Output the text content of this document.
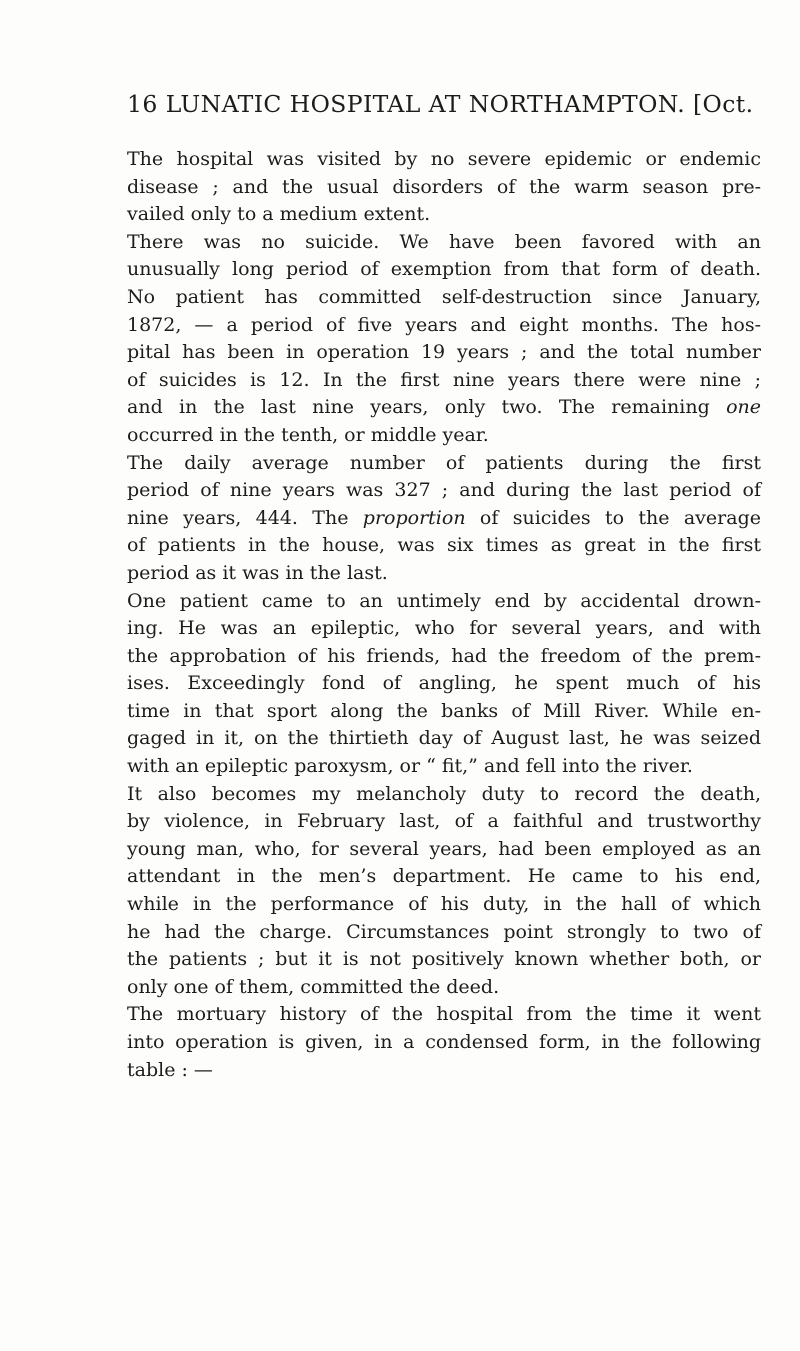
16 LUNATIC HOSPITAL AT NORTHAMPTON. [Oct.

The hospital was visited by no severe epidemic or endemic
disease ; and the usual disorders of the warm season pre-
vailed only to a medium extent.

There was no suicide. We have been favored with an
unusually long period of exemption from that form of death.
No patient has committed self-destruction since January,
1872, — a period of five years and eight months. The hos-
pital has been in operation 19 years ; and the total number
of suicides is 12. In the first nine years there were nine ;
and in the last nine years, only two. The remaining one
occurred in the tenth, or middle year.

The daily average number of patients during the first
period of nine years was 327 ; and during the last period of
nine years, 444. The proportion of suicides to the average
of patients in the house, was six times as great in the first
period as it was in the last.

One patient came to an untimely end by accidental drown-
ing. He was an epileptic, who for several years, and with
the approbation of his friends, had the freedom of the prem-
ises. Exceedingly fond of angling, he spent much of his
time in that sport along the banks of Mill River. While en-
gaged in it, on the thirtieth day of August last, he was seized
with an epileptic paroxysm, or “ fit,” and fell into the river.

It also becomes my melancholy duty to record the death,
by violence, in February last, of a faithful and trustworthy
young man, who, for several years, had been employed as an
attendant in the men’s department. He came to his end,
while in the performance of his duty, in the hall of which
he had the charge. Circumstances point strongly to two of
the patients ; but it is not positively known whether both, or
only one of them, committed the deed.

The mortuary history of the hospital from the time it went
into operation is given, in a condensed form, in the following
table : —
